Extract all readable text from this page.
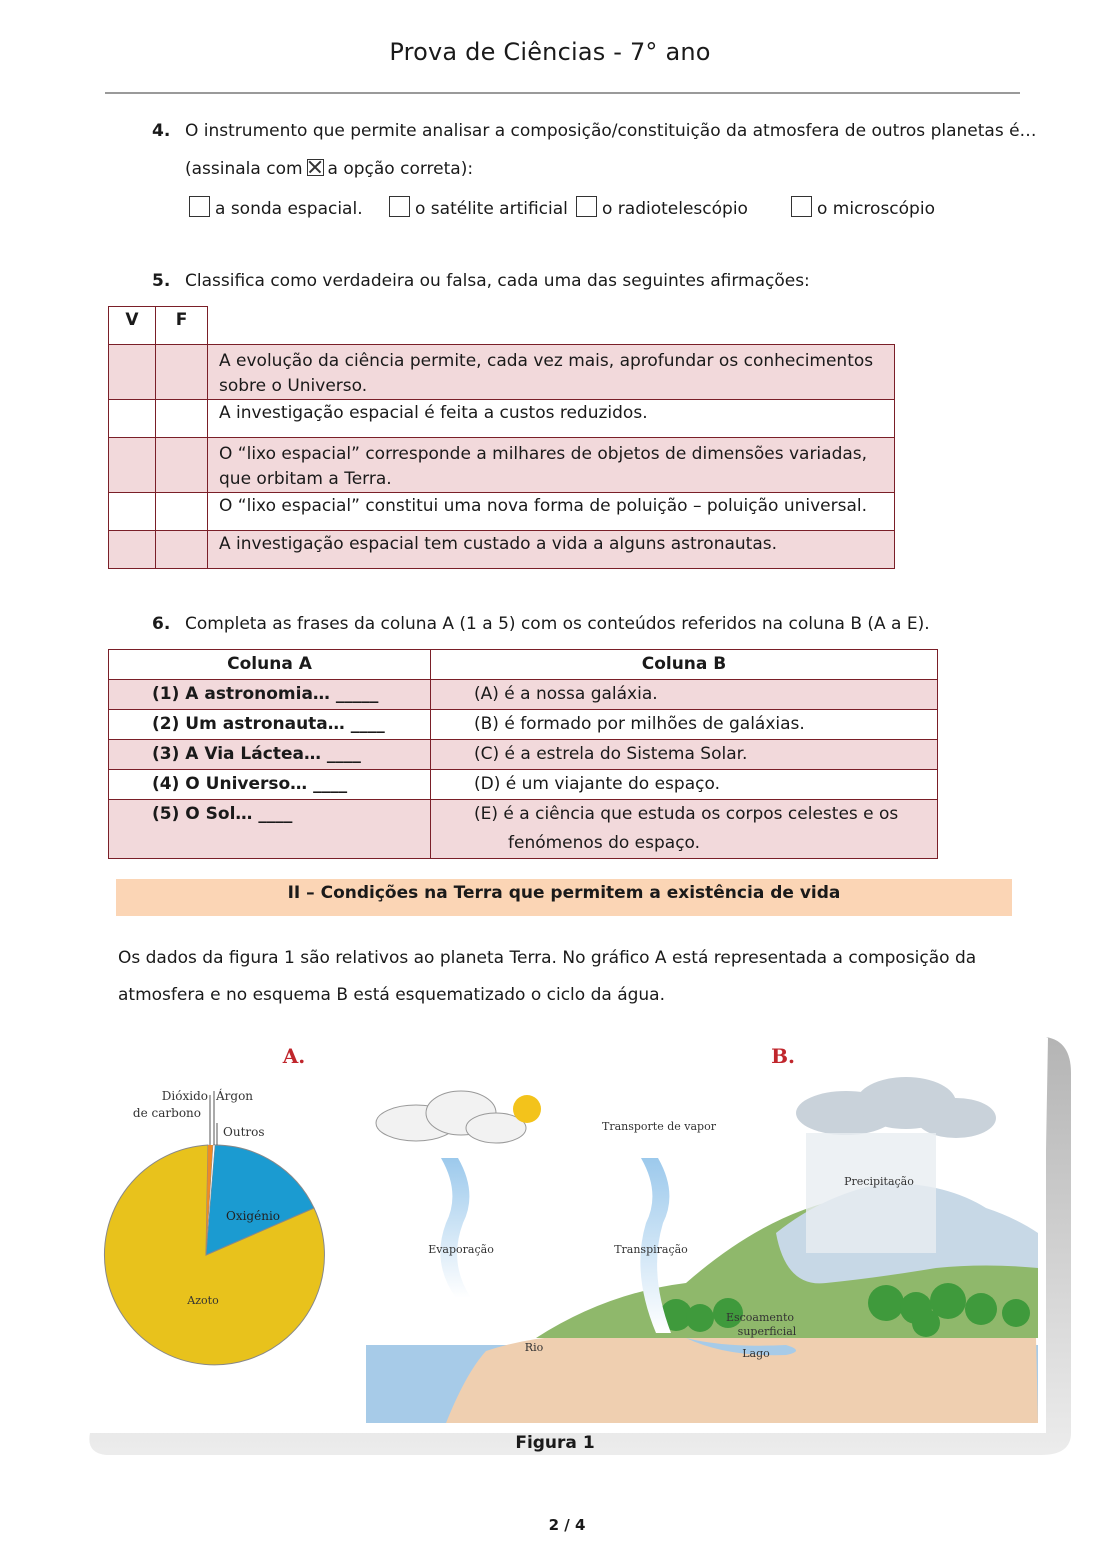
Prova de Ciências - 7° ano
4. O instrumento que permite analisar a composição/constituição da atmosfera de outros planetas é…
(assinala com a opção correta):
a sonda espacial.	o satélite artificial	o radiotelescópio	o microscópio
5. Classifica como verdadeira ou falsa, cada uma das seguintes afirmações:
V	F	
		A evolução da ciência permite, cada vez mais, aprofundar os conhecimentos sobre o Universo.
		A investigação espacial é feita a custos reduzidos.
		O “lixo espacial” corresponde a milhares de objetos de dimensões variadas, que orbitam a Terra.
		O “lixo espacial” constitui uma nova forma de poluição – poluição universal.
		A investigação espacial tem custado a vida a alguns astronautas.
6. Completa as frases da coluna A (1 a 5) com os conteúdos referidos na coluna B (A a E).
Coluna A	Coluna B
(1) A astronomia… _____	(A) é a nossa galáxia.
(2) Um astronauta… ____	(B) é formado por milhões de galáxias.
(3) A Via Láctea… ____	(C) é a estrela do Sistema Solar.
(4) O Universo… ____	(D) é um viajante do espaço.
(5) O Sol… ____	(E) é a ciência que estuda os corpos celestes e os
fenómenos do espaço.
II – Condições na Terra que permitem a existência de vida
Os dados da figura 1 são relativos ao planeta Terra. No gráfico A está representada a composição da
atmosfera e no esquema B está esquematizado o ciclo da água.
A.	B.
Dióxido
de carbono
Árgon
Outros
Oxigénio
Azoto
Transporte de vapor
Precipitação
Evaporação	Transpiração
Escoamento
superficial
Rio	Lago
Figura 1
2 / 4
